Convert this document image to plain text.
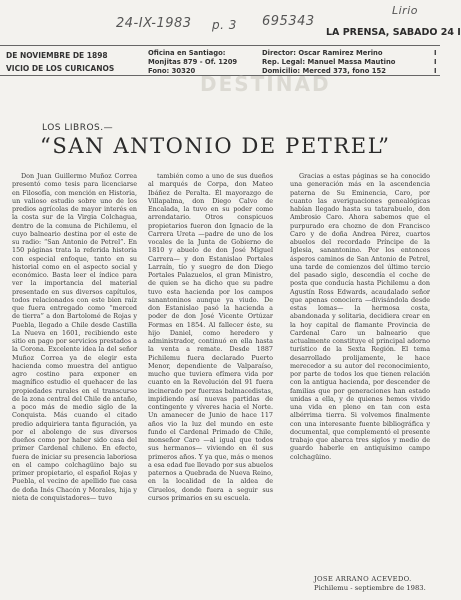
24-IX-1983 p. 3 695343
Lirio
LA PRENSA, SABADO 24 I
DE NOVIEMBRE DE 1898
VICIO DE LOS CURICANOS
Oficina en Santiago:
Monjitas 879 - Of. 1209
Fono: 30320
Director: Oscar Ramirez Merino
Rep. Legal: Manuel Massa Mautino
Domicilio: Merced 373, fono 152
I
I
I
DESTINAD
LOS LIBROS.—
“SAN ANTONIO DE PETREL”

Don Juan Guillermo Muñoz Correa presentó como tesis para licenciarse en Filosofía, con mención en Historia, un valioso estudio sobre uno de los predios agrícolas de mayor interés en la costa sur de la Virgia Colchagua, dentro de la comuna de Pichilemu, el cuyo balneario destina por el este de su radio: “San Antonio de Petrel”. En 150 páginas trata la referida historia con especial enfoque, tanto en su historial como en el aspecto social y económico. Basta leer el índice para ver la importancia del material presentado en sus diversos capítulos, todos relacionados con este bien raíz que fuera entregado como “merced de tierra” a don Bartolomé de Rojas y Puebla, llegado a Chile desde Castilla La Nueva en 1601, recibiendo este sitio en pago por servicios prestados a la Corona. Excelente idea la del señor Muñoz Correa ya de elegir esta hacienda como muestra del antiguo agro costino para exponer en magnífico estudio el quehacer de las propiedades rurales en el transcurso de la zona central del Chile de antaño, a poco más de medio siglo de la Conquista. Más cuando el citado predio adquiriera tanta figuración, ya por el abolengo de sus diversos dueños como por haber sido casa del primer Cardenal chileno. En efecto, fuera de iniciar su presencia laboriosa en el campo colchagüino bajo su primer propietario, el español Rojas y Puebla, el vecino de apellido fue casa de doña Inés Chacón y Morales, hija y nieta de conquistadores— tuvo

también como a uno de sus dueños al marqués de Corpa, don Mateo Ibáñez de Peralta. Él mayorazgo de Villapalma, don Diego Calvo de Encalada, la tuvo en su poder como arrendatario. Otros conspicuos propietarios fueron don Ignacio de la Carrera Ureta —padre de uno de los vocales de la Junta de Gobierno de 1810 y abuelo de don José Miguel Carrera— y don Estanislao Portales Larraín, tío y suegro de don Diego Portales Palazuelos, el gran Ministro, de quien se ha dicho que su padre tuvo esta hacienda por los campos sanantoninos aunque ya viudo. De don Estanislao pasó la hacienda a poder de don José Vicente Ortúzar Formas en 1854. Al fallecer éste, su hijo Daniel, como heredero y administrador, continuó en ella hasta la venta a remate. Desde 1887 Pichilemu fuera declarado Puerto Menor, dependiente de Valparaíso, mucho que tuviera efímera vida por cuanto en la Revolución del 91 fuera incinerado por fuerzas balmacedistas, impidiendo así nuevas partidas de contingente y víveres hacia el Norte. Un amanecer de Junio de hace 117 años vio la luz del mundo en este fundo el Cardenal Primado de Chile, monseñor Caro —al igual que todos sus hermanos— viviendo en él sus primeros años. Y ya que, más o menos a esa edad fue llevado por sus abuelos paternos a Quebrada de Nueva Reino, en la localidad de la aldea de Ciruelos, donde fuera a seguir sus cursos primarios en su escuela.

Gracias a estas páginas se ha conocido una generación más en la ascendencia paterna de Su Eminencia, Caro, por cuanto las averiguaciones genealógicas habían llegado hasta su tatarabuelo, don Ambrosio Caro. Ahora sabemos que el purpurado era chozno de don Francisco Caro y de doña Andrea Pérez, cuartos abuelos del recordado Príncipe de la Iglesia, sanantonino. Por los entonces ásperos caminos de San Antonio de Petrel, una tarde de comienzos del último tercio del pasado siglo, descendía el coche de posta que conducía hasta Pichilemu a don Agustín Ross Edwards, acaudalado señor que apenas conociera —divisándola desde estas lomas— la hermosa costa, abandonada y solitaria, decidiera crear en la hoy capital de flamante Provincia de Cardenal Caro un balneario que actualmente constituye el principal adorno turístico de la Sexta Región. El tema desarrollado prolijamente, le hace merecedor a su autor del reconocimiento, por parte de todos los que tienen relación con la antigua hacienda, por descender de familias que por generaciones han estado unidas a ella, y de quienes hemos vivido una vida en pleno en tan con esta albérrima tierra. Si volvemos finalmente con una interesante fuente bibliográfica y documental, que complementó el presente trabajo que abarca tres siglos y medio de guardo haberle en antiquísimo campo colchagüino.

JOSE ARRANO ACEVEDO.
Pichilemu - septiembre de 1983.
